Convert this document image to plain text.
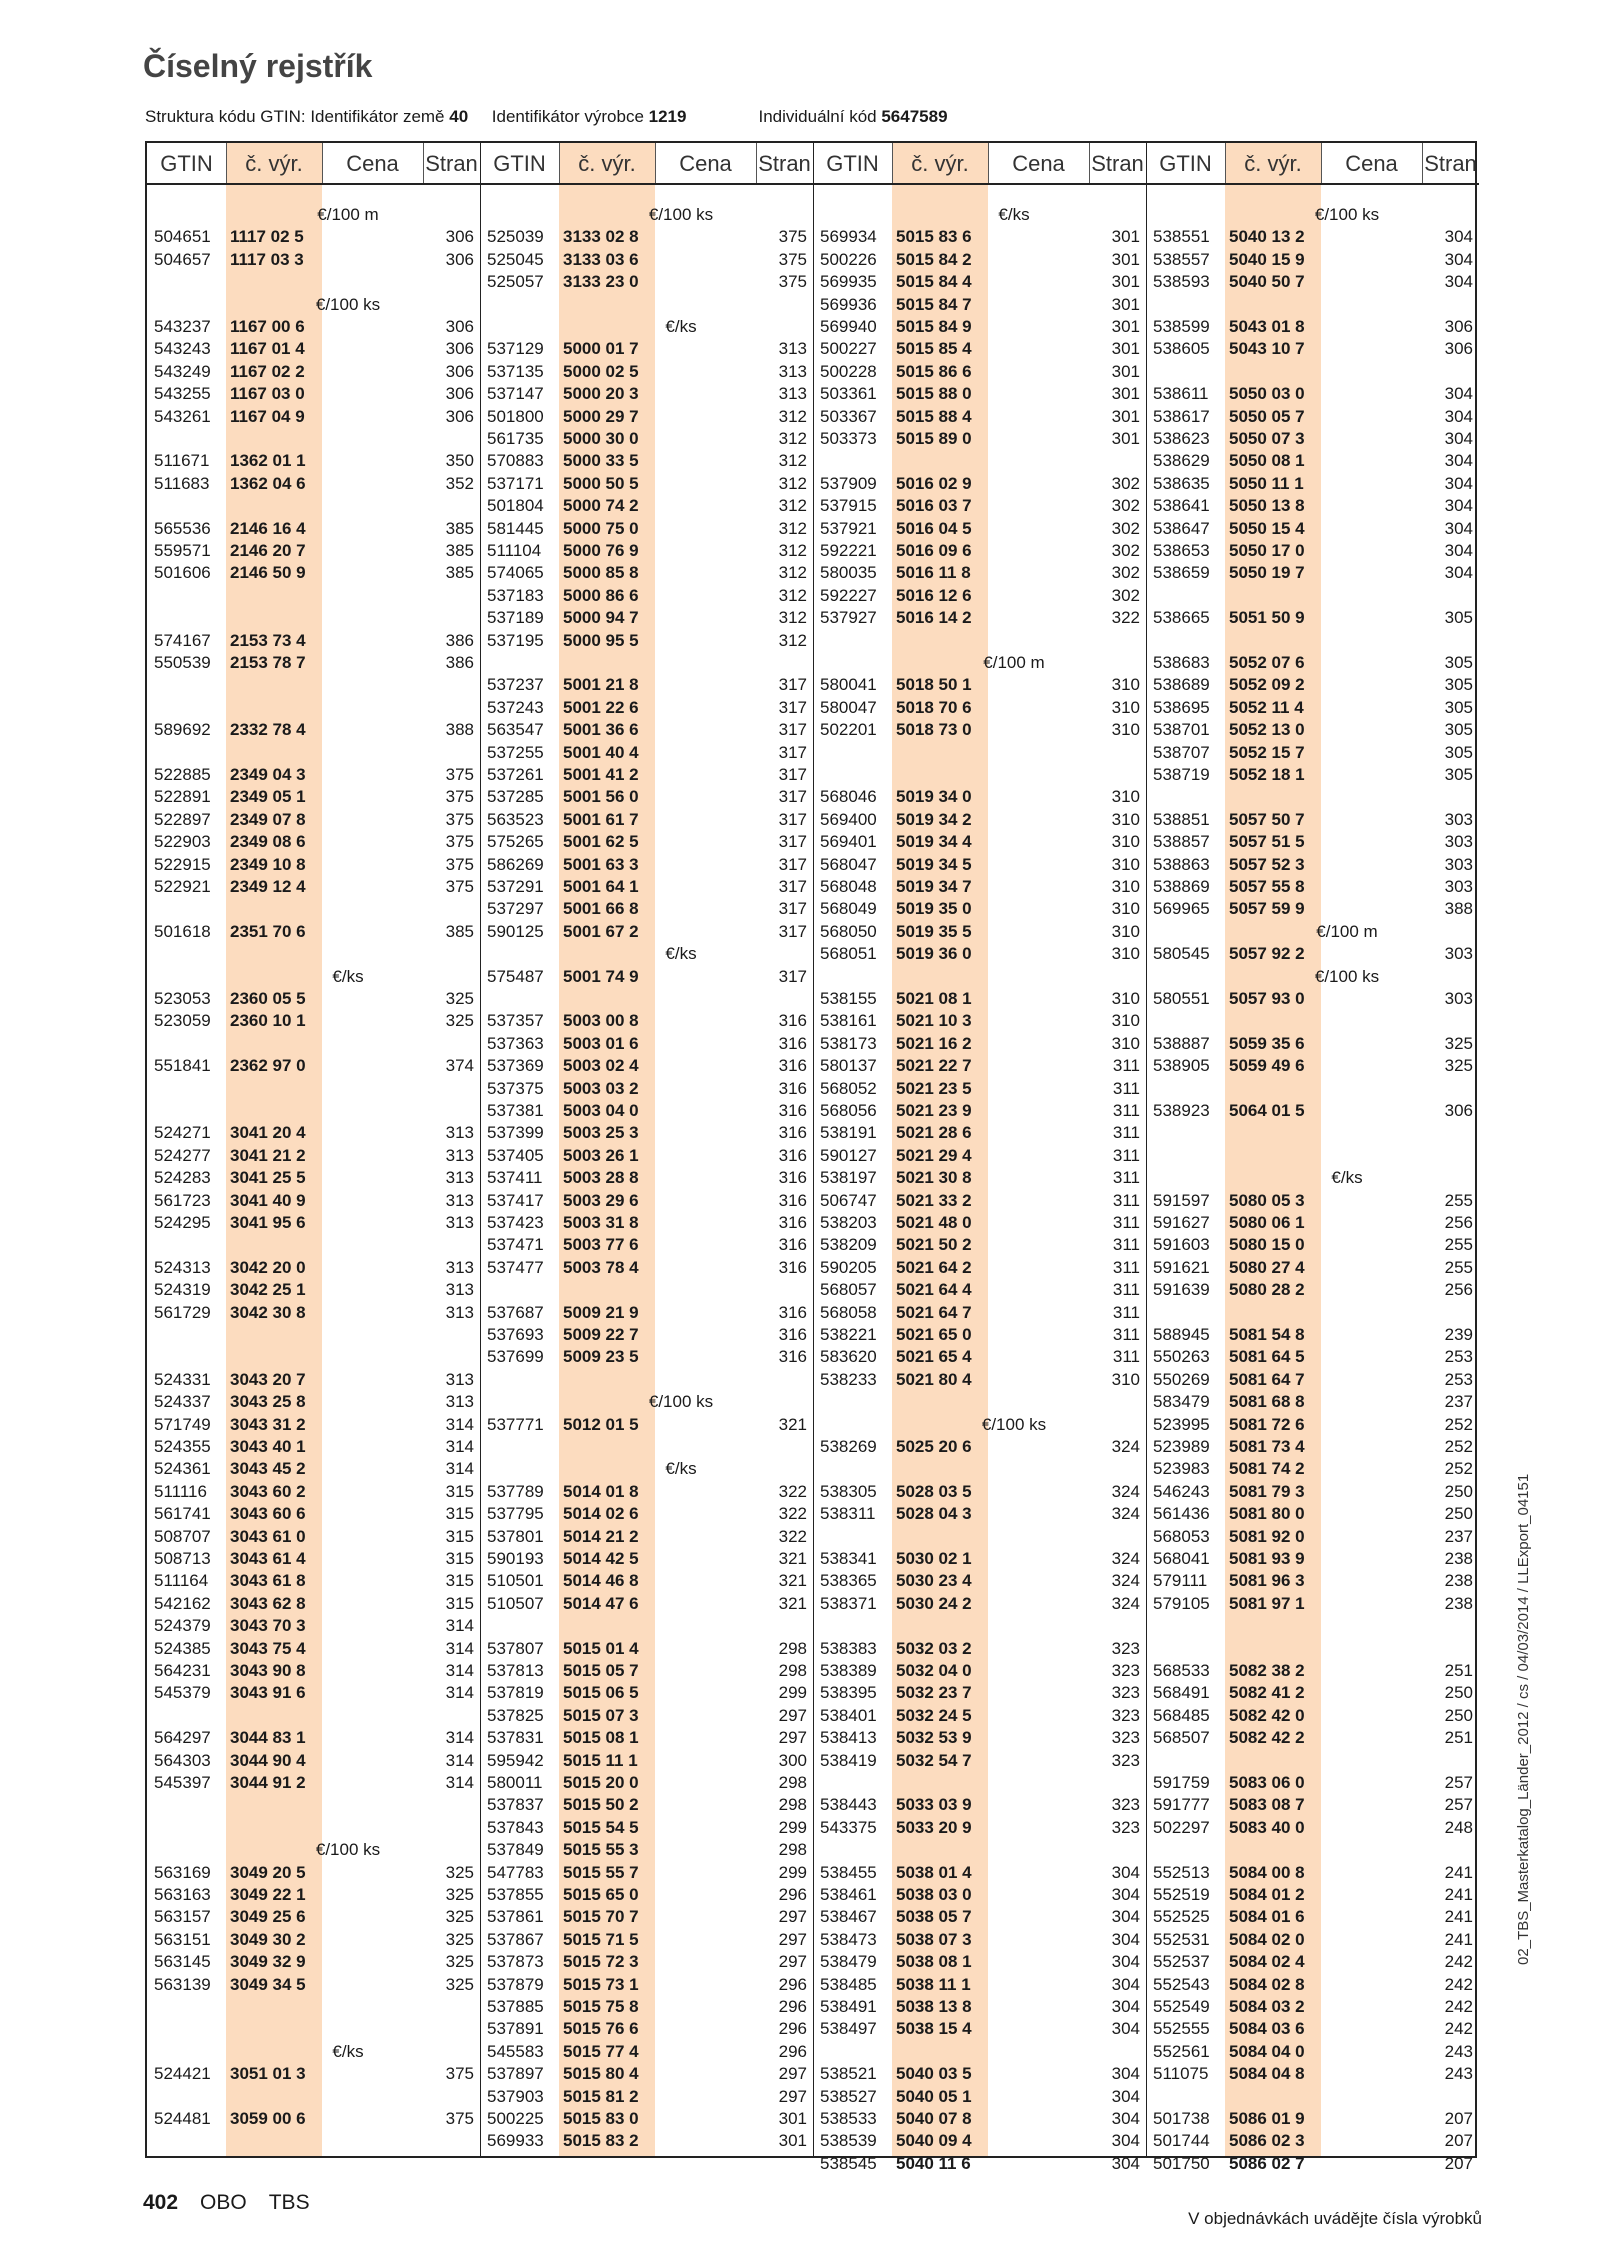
Číselný rejstřík
Struktura kódu GTIN: Identifikátor země 40 Identifikátor výrobce 1219	Individuální kód 5647589
GTIN	č. výr.	Cena	Stran
€/100 m
504651 1117 02 5	306
504657 1117 03 3	306
€/100 ks
543237 1167 00 6	306
543243 1167 01 4	306
543249 1167 02 2	306
543255 1167 03 0	306
543261 1167 04 9	306
511671 1362 01 1	350
511683 1362 04 6	352
565536 2146 16 4	385
559571 2146 20 7	385
501606 2146 50 9	385
574167 2153 73 4	386
550539 2153 78 7	386
589692 2332 78 4	388
522885 2349 04 3	375
522891 2349 05 1	375
522897 2349 07 8	375
522903 2349 08 6	375
522915 2349 10 8	375
522921 2349 12 4	375
501618 2351 70 6	385
€/ks
523053 2360 05 5	325
523059 2360 10 1	325
551841 2362 97 0	374
524271 3041 20 4	313
524277 3041 21 2	313
524283 3041 25 5	313
561723 3041 40 9	313
524295 3041 95 6	313
524313 3042 20 0	313
524319 3042 25 1	313
561729 3042 30 8	313
524331 3043 20 7	313
524337 3043 25 8	313
571749 3043 31 2	314
524355 3043 40 1	314
524361 3043 45 2	314
511116 3043 60 2	315
561741 3043 60 6	315
508707 3043 61 0	315
508713 3043 61 4	315
511164 3043 61 8	315
542162 3043 62 8	315
524379 3043 70 3	314
524385 3043 75 4	314
564231 3043 90 8	314
545379 3043 91 6	314
564297 3044 83 1	314
564303 3044 90 4	314
545397 3044 91 2	314
€/100 ks
563169 3049 20 5	325
563163 3049 22 1	325
563157 3049 25 6	325
563151 3049 30 2	325
563145 3049 32 9	325
563139 3049 34 5	325
€/ks
524421 3051 01 3	375
524481 3059 00 6	375
GTIN	č. výr.	Cena	Stran
€/100 ks
525039 3133 02 8	375
525045 3133 03 6	375
525057 3133 23 0	375
€/ks
537129 5000 01 7	313
537135 5000 02 5	313
537147 5000 20 3	313
501800 5000 29 7	312
561735 5000 30 0	312
570883 5000 33 5	312
537171 5000 50 5	312
501804 5000 74 2	312
581445 5000 75 0	312
511104 5000 76 9	312
574065 5000 85 8	312
537183 5000 86 6	312
537189 5000 94 7	312
537195 5000 95 5	312
537237 5001 21 8	317
537243 5001 22 6	317
563547 5001 36 6	317
537255 5001 40 4	317
537261 5001 41 2	317
537285 5001 56 0	317
563523 5001 61 7	317
575265 5001 62 5	317
586269 5001 63 3	317
537291 5001 64 1	317
537297 5001 66 8	317
590125 5001 67 2	317
€/ks
575487 5001 74 9	317
537357 5003 00 8	316
537363 5003 01 6	316
537369 5003 02 4	316
537375 5003 03 2	316
537381 5003 04 0	316
537399 5003 25 3	316
537405 5003 26 1	316
537411 5003 28 8	316
537417 5003 29 6	316
537423 5003 31 8	316
537471 5003 77 6	316
537477 5003 78 4	316
537687 5009 21 9	316
537693 5009 22 7	316
537699 5009 23 5	316
€/100 ks
537771 5012 01 5	321
€/ks
537789 5014 01 8	322
537795 5014 02 6	322
537801 5014 21 2	322
590193 5014 42 5	321
510501 5014 46 8	321
510507 5014 47 6	321
537807 5015 01 4	298
537813 5015 05 7	298
537819 5015 06 5	299
537825 5015 07 3	297
537831 5015 08 1	297
595942 5015 11 1	300
580011 5015 20 0	298
537837 5015 50 2	298
537843 5015 54 5	299
537849 5015 55 3	298
547783 5015 55 7	299
537855 5015 65 0	296
537861 5015 70 7	297
537867 5015 71 5	297
537873 5015 72 3	297
537879 5015 73 1	296
537885 5015 75 8	296
537891 5015 76 6	296
545583 5015 77 4	296
537897 5015 80 4	297
537903 5015 81 2	297
500225 5015 83 0	301
569933 5015 83 2	301
GTIN	č. výr.	Cena	Stran
€/ks
569934 5015 83 6	301
500226 5015 84 2	301
569935 5015 84 4	301
569936 5015 84 7	301
569940 5015 84 9	301
500227 5015 85 4	301
500228 5015 86 6	301
503361 5015 88 0	301
503367 5015 88 4	301
503373 5015 89 0	301
537909 5016 02 9	302
537915 5016 03 7	302
537921 5016 04 5	302
592221 5016 09 6	302
580035 5016 11 8	302
592227 5016 12 6	302
537927 5016 14 2	322
€/100 m
580041 5018 50 1	310
580047 5018 70 6	310
502201 5018 73 0	310
568046 5019 34 0	310
569400 5019 34 2	310
569401 5019 34 4	310
568047 5019 34 5	310
568048 5019 34 7	310
568049 5019 35 0	310
568050 5019 35 5	310
568051 5019 36 0	310
538155 5021 08 1	310
538161 5021 10 3	310
538173 5021 16 2	310
580137 5021 22 7	311
568052 5021 23 5	311
568056 5021 23 9	311
538191 5021 28 6	311
590127 5021 29 4	311
538197 5021 30 8	311
506747 5021 33 2	311
538203 5021 48 0	311
538209 5021 50 2	311
590205 5021 64 2	311
568057 5021 64 4	311
568058 5021 64 7	311
538221 5021 65 0	311
583620 5021 65 4	311
538233 5021 80 4	310
€/100 ks
538269 5025 20 6	324
538305 5028 03 5	324
538311 5028 04 3	324
538341 5030 02 1	324
538365 5030 23 4	324
538371 5030 24 2	324
538383 5032 03 2	323
538389 5032 04 0	323
538395 5032 23 7	323
538401 5032 24 5	323
538413 5032 53 9	323
538419 5032 54 7	323
538443 5033 03 9	323
543375 5033 20 9	323
538455 5038 01 4	304
538461 5038 03 0	304
538467 5038 05 7	304
538473 5038 07 3	304
538479 5038 08 1	304
538485 5038 11 1	304
538491 5038 13 8	304
538497 5038 15 4	304
538521 5040 03 5	304
538527 5040 05 1	304
538533 5040 07 8	304
538539 5040 09 4	304
538545 5040 11 6	304
GTIN	č. výr.	Cena	Stran
€/100 ks
538551 5040 13 2	304
538557 5040 15 9	304
538593 5040 50 7	304
538599 5043 01 8	306
538605 5043 10 7	306
538611 5050 03 0	304
538617 5050 05 7	304
538623 5050 07 3	304
538629 5050 08 1	304
538635 5050 11 1	304
538641 5050 13 8	304
538647 5050 15 4	304
538653 5050 17 0	304
538659 5050 19 7	304
538665 5051 50 9	305
538683 5052 07 6	305
538689 5052 09 2	305
538695 5052 11 4	305
538701 5052 13 0	305
538707 5052 15 7	305
538719 5052 18 1	305
538851 5057 50 7	303
538857 5057 51 5	303
538863 5057 52 3	303
538869 5057 55 8	303
569965 5057 59 9	388
€/100 m
580545 5057 92 2	303
€/100 ks
580551 5057 93 0	303
538887 5059 35 6	325
538905 5059 49 6	325
538923 5064 01 5	306
€/ks
591597 5080 05 3	255
591627 5080 06 1	256
591603 5080 15 0	255
591621 5080 27 4	255
591639 5080 28 2	256
588945 5081 54 8	239
550263 5081 64 5	253
550269 5081 64 7	253
583479 5081 68 8	237
523995 5081 72 6	252
523989 5081 73 4	252
523983 5081 74 2	252
546243 5081 79 3	250
561436 5081 80 0	250
568053 5081 92 0	237
568041 5081 93 9	238
579111 5081 96 3	238
579105 5081 97 1	238
568533 5082 38 2	251
568491 5082 41 2	250
568485 5082 42 0	250
568507 5082 42 2	251
591759 5083 06 0	257
591777 5083 08 7	257
502297 5083 40 0	248
552513 5084 00 8	241
552519 5084 01 2	241
552525 5084 01 6	241
552531 5084 02 0	241
552537 5084 02 4	242
552543 5084 02 8	242
552549 5084 03 2	242
552555 5084 03 6	242
552561 5084 04 0	243
511075 5084 04 8	243
501738 5086 01 9	207
501744 5086 02 3	207
501750 5086 02 7	207
402 OBO TBS
V objednávkách uvádějte čísla výrobků
02_TBS_Masterkatalog_Länder_2012 / cs / 04/03/2014 / LLExport_04151
